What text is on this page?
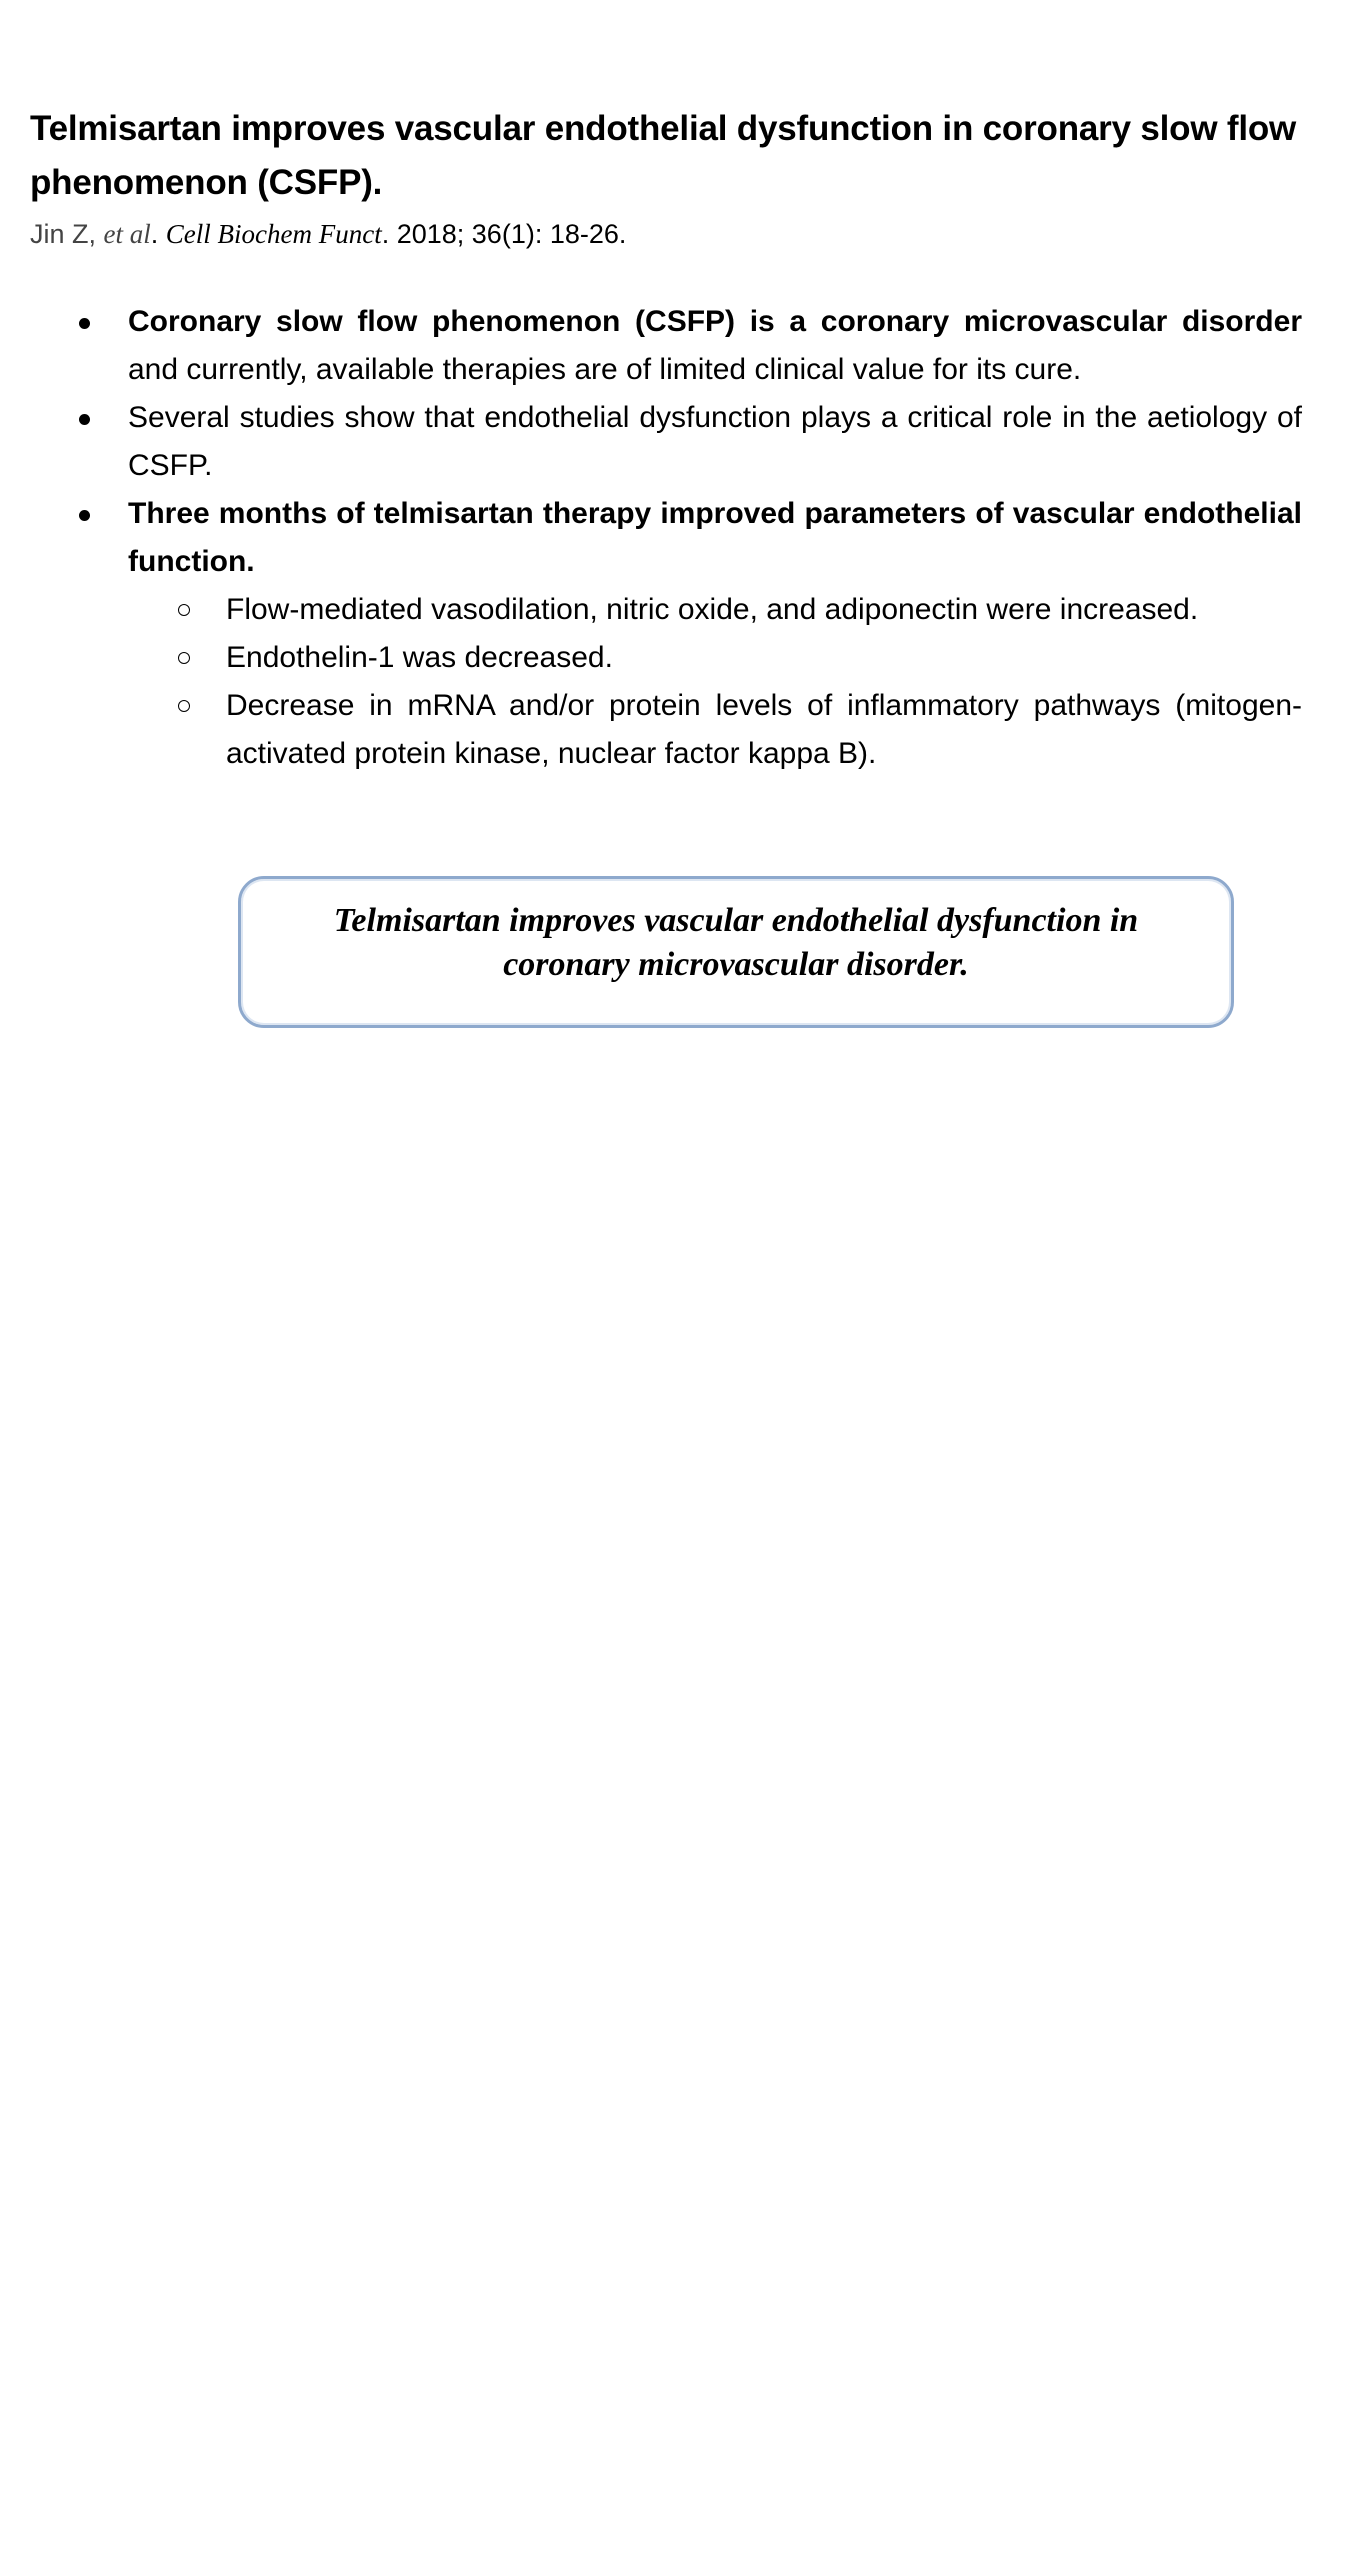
Telmisartan improves vascular endothelial dysfunction in coronary slow flow phenomenon (CSFP).

Jin Z, et al. Cell Biochem Funct. 2018; 36(1): 18-26.

Coronary slow flow phenomenon (CSFP) is a coronary microvascular disorder and currently, available therapies are of limited clinical value for its cure.
Several studies show that endothelial dysfunction plays a critical role in the aetiology of CSFP.
Three months of telmisartan therapy improved parameters of vascular endothelial function.
Flow-mediated vasodilation, nitric oxide, and adiponectin were increased.
Endothelin-1 was decreased.
Decrease in mRNA and/or protein levels of inflammatory pathways (mitogen-activated protein kinase, nuclear factor kappa B).

Telmisartan improves vascular endothelial dysfunction in coronary microvascular disorder.
